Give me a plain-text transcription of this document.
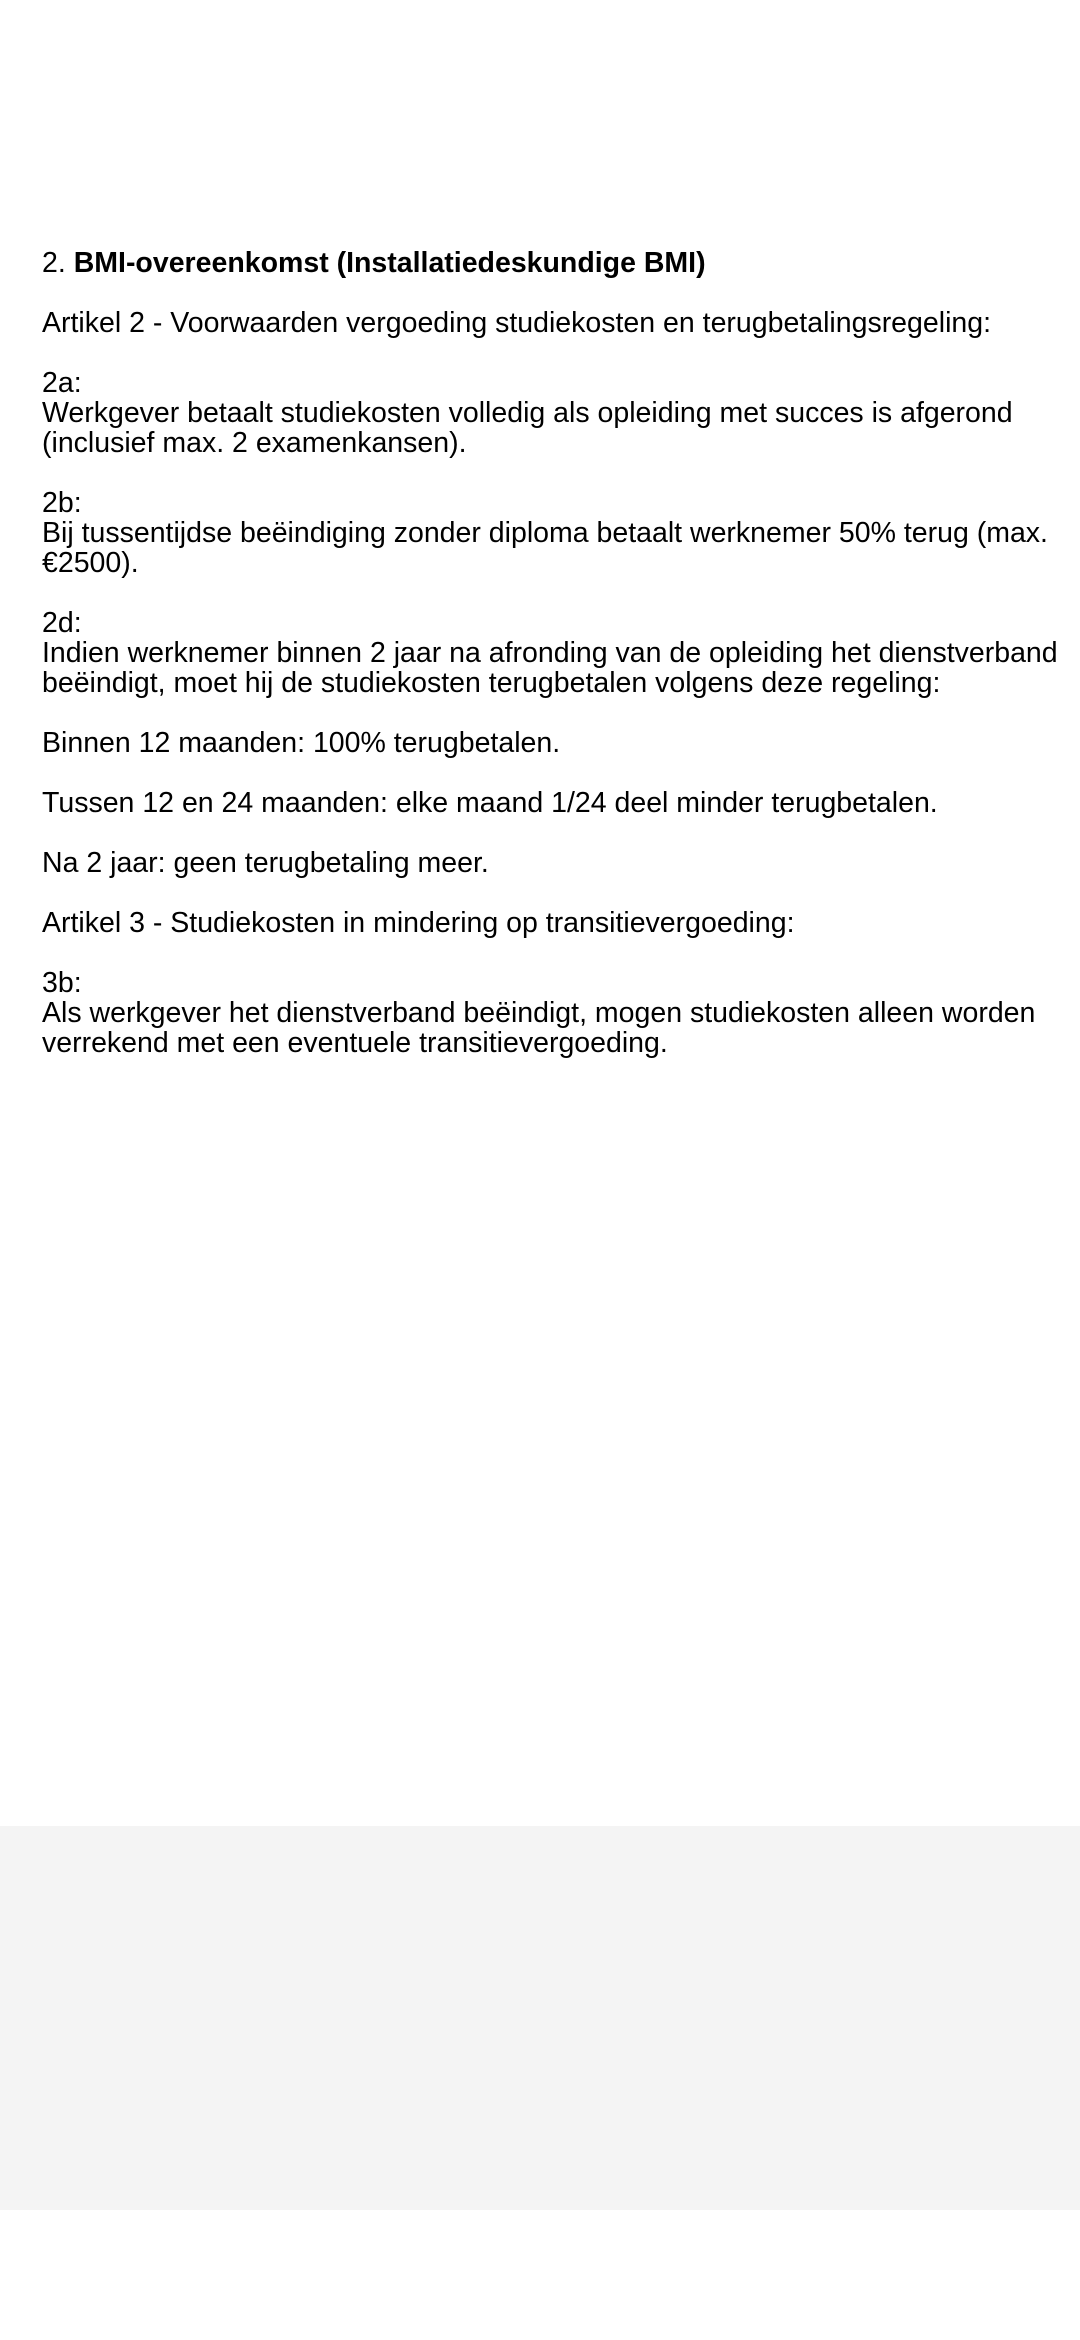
2. BMI-overeenkomst (Installatiedeskundige BMI)

Artikel 2 - Voorwaarden vergoeding studiekosten en terugbetalingsregeling:

2a:
Werkgever betaalt studiekosten volledig als opleiding met succes is afgerond (inclusief max. 2 examenkansen).

2b:
Bij tussentijdse beëindiging zonder diploma betaalt werknemer 50% terug (max. €2500).

2d:
Indien werknemer binnen 2 jaar na afronding van de opleiding het dienstverband beëindigt, moet hij de studiekosten terugbetalen volgens deze regeling:

Binnen 12 maanden: 100% terugbetalen.

Tussen 12 en 24 maanden: elke maand 1/24 deel minder terugbetalen.

Na 2 jaar: geen terugbetaling meer.

Artikel 3 - Studiekosten in mindering op transitievergoeding:

3b:
Als werkgever het dienstverband beëindigt, mogen studiekosten alleen worden verrekend met een eventuele transitievergoeding.
